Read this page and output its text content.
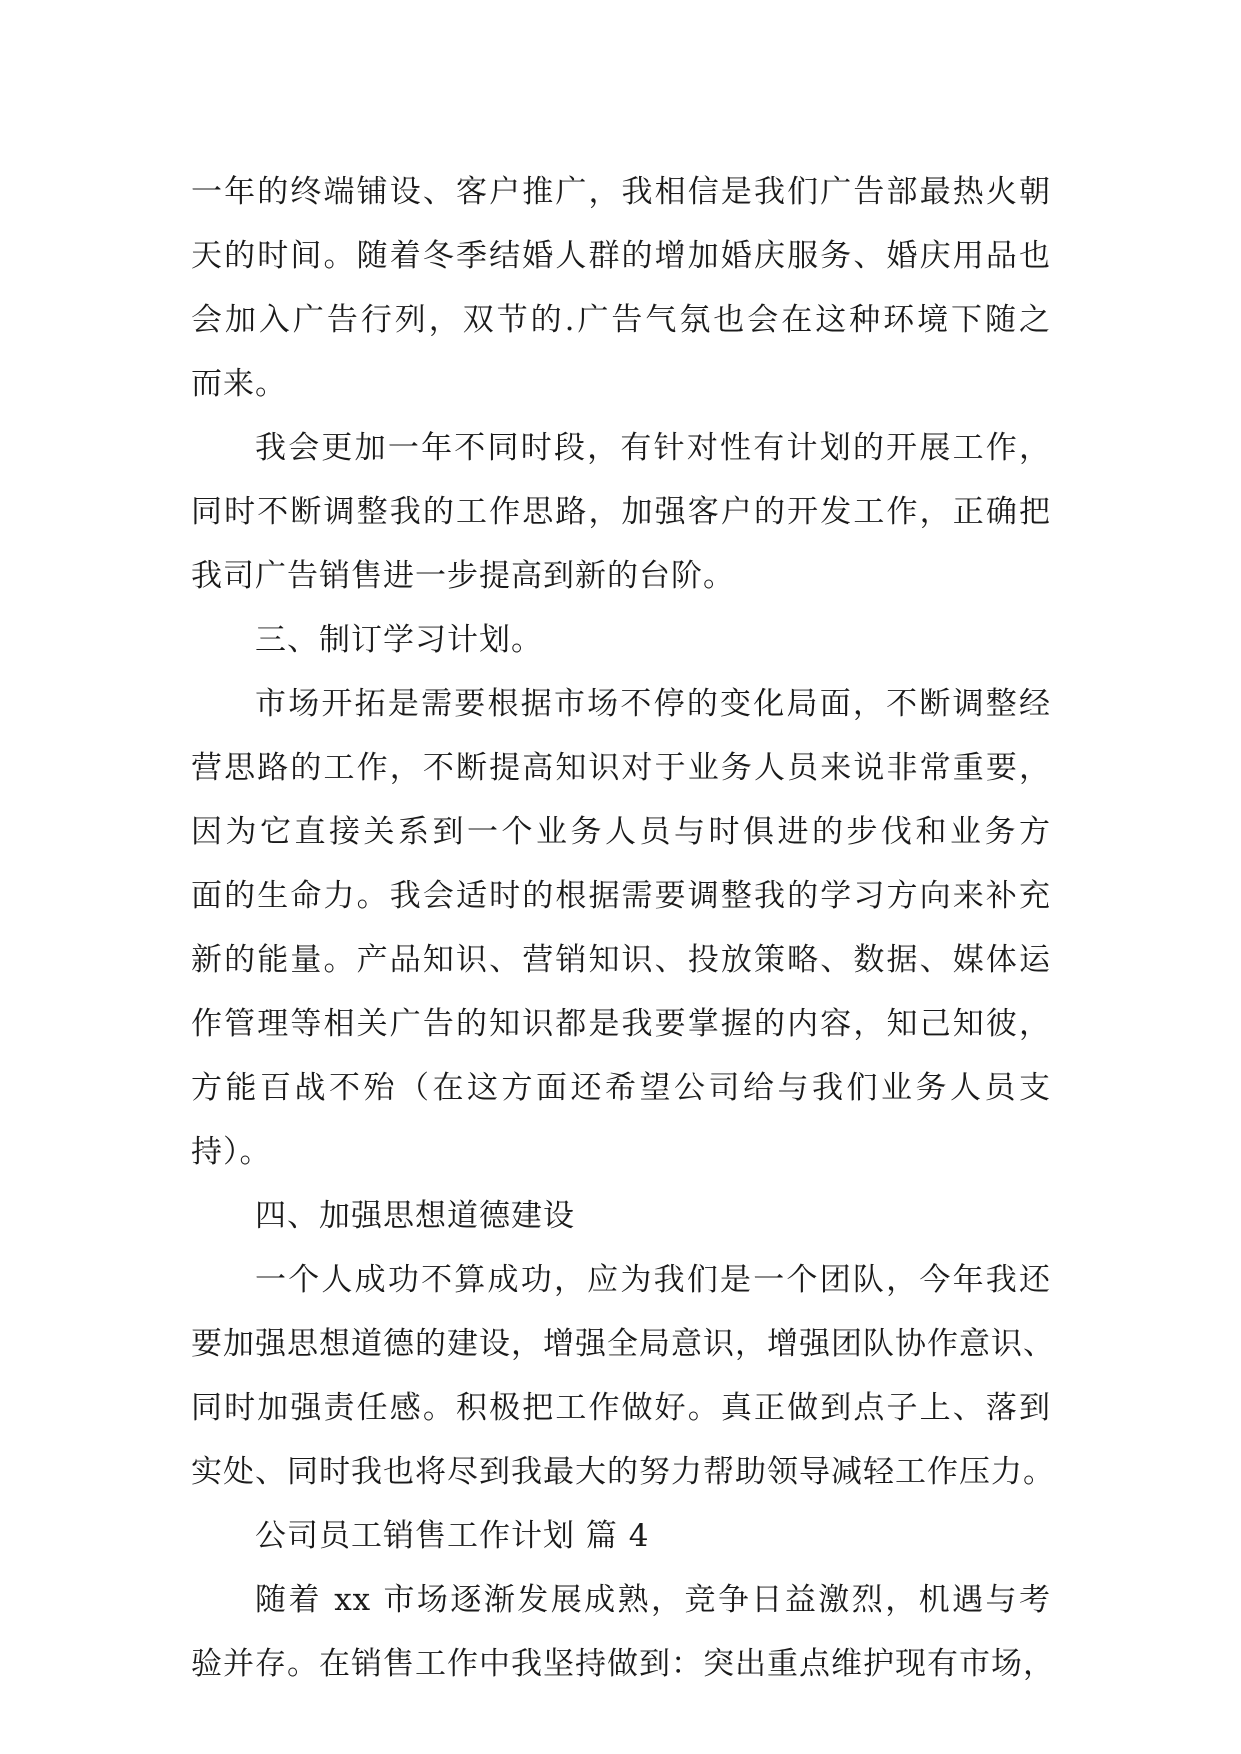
一年的终端铺设、客户推广，我相信是我们广告部最热火朝
天的时间。随着冬季结婚人群的增加婚庆服务、婚庆用品也
会加入广告行列，双节的.广告气氛也会在这种环境下随之
而来。
我会更加一年不同时段，有针对性有计划的开展工作，
同时不断调整我的工作思路，加强客户的开发工作，正确把
我司广告销售进一步提高到新的台阶。
三、制订学习计划。
市场开拓是需要根据市场不停的变化局面，不断调整经
营思路的工作，不断提高知识对于业务人员来说非常重要，
因为它直接关系到一个业务人员与时俱进的步伐和业务方
面的生命力。我会适时的根据需要调整我的学习方向来补充
新的能量。产品知识、营销知识、投放策略、数据、媒体运
作管理等相关广告的知识都是我要掌握的内容，知己知彼，
方能百战不殆（在这方面还希望公司给与我们业务人员支
持）。
四、加强思想道德建设
一个人成功不算成功，应为我们是一个团队，今年我还
要加强思想道德的建设，增强全局意识，增强团队协作意识、
同时加强责任感。积极把工作做好。真正做到点子上、落到
实处、同时我也将尽到我最大的努力帮助领导减轻工作压力。
公司员工销售工作计划 篇 4
随着 xx 市场逐渐发展成熟，竞争日益激烈，机遇与考
验并存。在销售工作中我坚持做到：突出重点维护现有市场，
